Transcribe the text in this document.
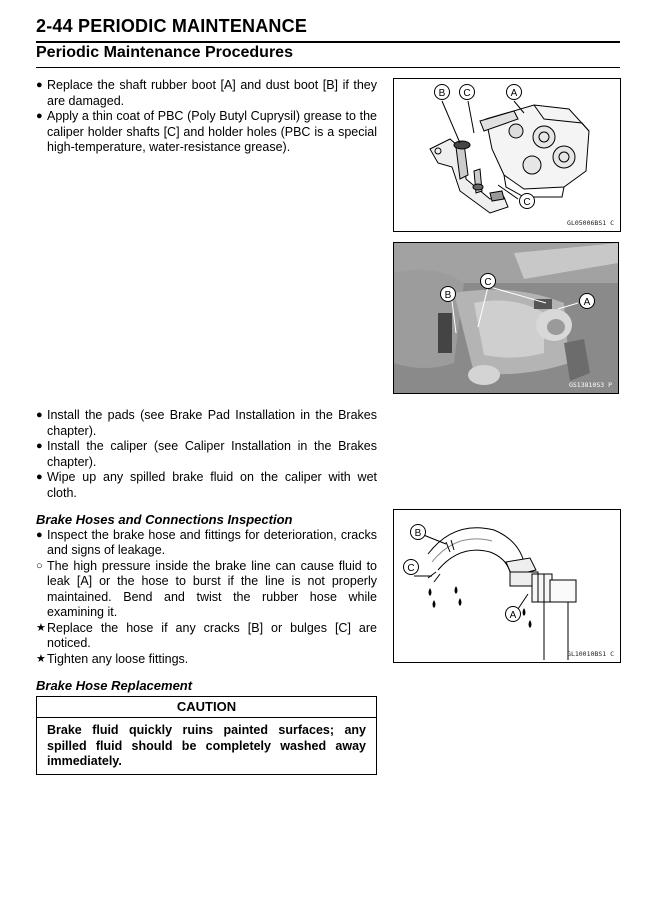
2-44 PERIODIC MAINTENANCE
Periodic Maintenance Procedures

● Replace the shaft rubber boot [A] and dust boot [B] if they are damaged.

● Apply a thin coat of PBC (Poly Butyl Cuprysil) grease to the caliper holder shafts [C] and holder holes (PBC is a special high-temperature, water-resistance grease).

● Install the pads (see Brake Pad Installation in the Brakes chapter).

● Install the caliper (see Caliper Installation in the Brakes chapter).

● Wipe up any spilled brake fluid on the caliper with wet cloth.

Brake Hoses and Connections Inspection

● Inspect the brake hose and fittings for deterioration, cracks and signs of leakage.

○ The high pressure inside the brake line can cause fluid to leak [A] or the hose to burst if the line is not properly maintained. Bend and twist the rubber hose while examining it.

★ Replace the hose if any cracks [B] or bulges [C] are noticed.

★ Tighten any loose fittings.

Brake Hose Replacement

CAUTION
Brake fluid quickly ruins painted surfaces; any spilled fluid should be completely washed away immediately.
B C	A
C
GL05006BS1 C
B
C
A
GS13810S3 P
B
C
A
GL10010BS1 C
